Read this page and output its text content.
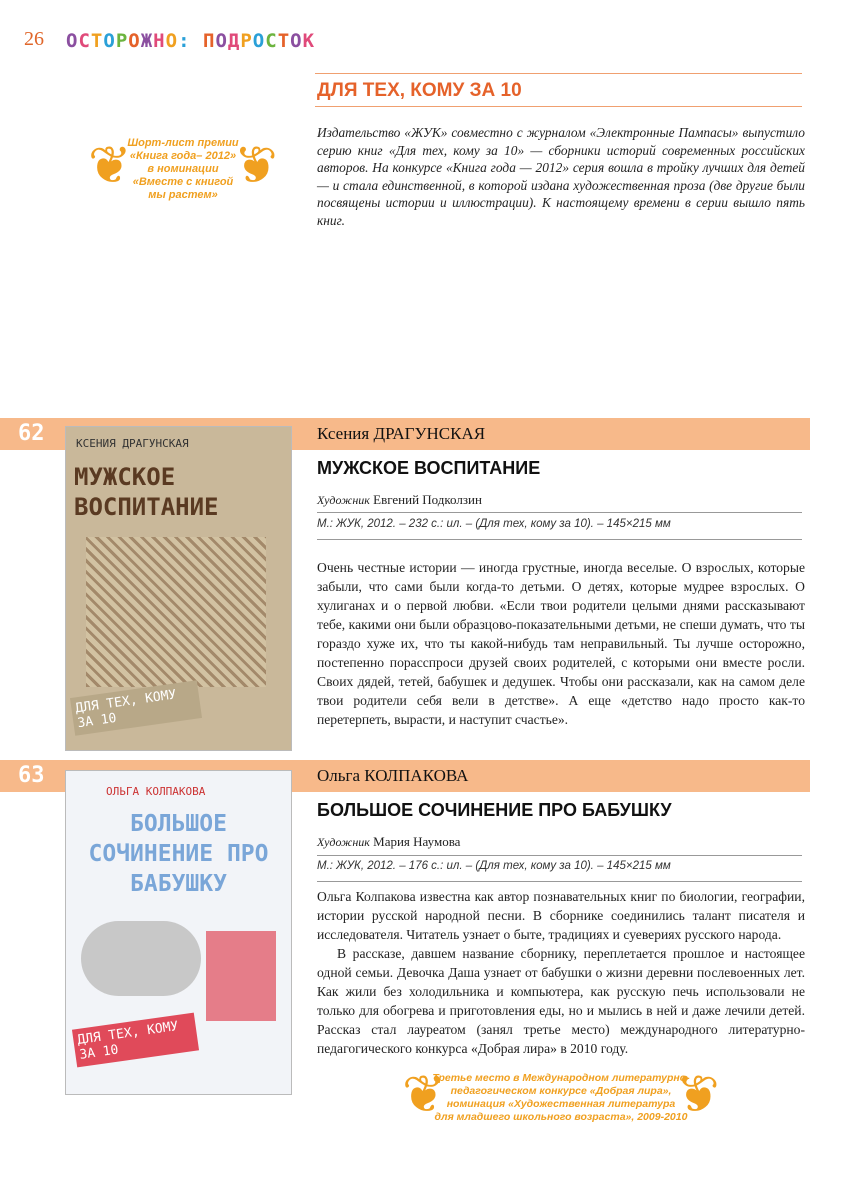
26 ОСТОРОЖНО: ПОДРОСТОК
ДЛЯ ТЕХ, КОМУ ЗА 10
Издательство «ЖУК» совместно с журналом «Электронные Пампасы» выпустило серию книг «Для тех, кому за 10» — сборники историй современных российских авторов. На конкурсе «Книга года — 2012» серия вошла в тройку лучших для детей — и стала единственной, в которой издана художественная проза (две другие были посвящены истории и иллюстрации). К настоящему времени в серии вышло пять книг.
❦ ❦
Шорт-лист премии
«Книга года– 2012»
в номинации
«Вместе с книгой
мы растем»
62	Ксения ДРАГУНСКАЯ
КСЕНИЯ ДРАГУНСКАЯ
МУЖСКОЕ ВОСПИТАНИЕ
ДЛЯ ТЕХ, КОМУ ЗА 10
МУЖСКОЕ ВОСПИТАНИЕ
Художник Евгений Подколзин
М.: ЖУК, 2012. – 232 с.: ил. – (Для тех, кому за 10). – 145×215 мм
Очень честные истории — иногда грустные, иногда веселые. О взрослых, которые забыли, что сами были когда-то детьми. О детях, которые мудрее взрослых. О хулиганах и о первой любви. «Если твои родители целыми днями рассказывают тебе, какими они были образцово-показательными детьми, не спеши думать, что ты гораздо хуже их, что ты какой-нибудь там неправильный. Ты лучше осторожно, постепенно порасспроси друзей своих родителей, с которыми они вместе росли. Своих дядей, тетей, бабушек и дедушек. Чтобы они рассказали, как на самом деле твои родители себя вели в детстве». А еще «детство надо просто как-то перетерпеть, вырасти, и наступит счастье».
63	Ольга КОЛПАКОВА
ОЛЬГА КОЛПАКОВА
БОЛЬШОЕ СОЧИНЕНИЕ ПРО БАБУШКУ
ДЛЯ ТЕХ, КОМУ ЗА 10
БОЛЬШОЕ СОЧИНЕНИЕ ПРО БАБУШКУ
Художник Мария Наумова
М.: ЖУК, 2012. – 176 с.: ил. – (Для тех, кому за 10). – 145×215 мм
Ольга Колпакова известна как автор познавательных книг по биологии, географии, истории русской народной песни. В сборнике соединились талант писателя и исследователя. Читатель узнает о быте, традициях и суевериях русского народа.
В рассказе, давшем название сборнику, переплетается прошлое и настоящее одной семьи. Девочка Даша узнает от бабушки о жизни деревни послевоенных лет. Как жили без холодильника и компьютера, как русскую печь использовали не только для обогрева и приготовления еды, но и мылись в ней и даже лечили детей. Рассказ стал лауреатом (занял третье место) международного литературно-педагогического конкурса «Добрая лира» в 2010 году.
❦	❦
Третье место в Международном литературно-
педагогическом конкурсе «Добрая лира»,
номинация «Художественная литература
для младшего школьного возраста», 2009-2010
